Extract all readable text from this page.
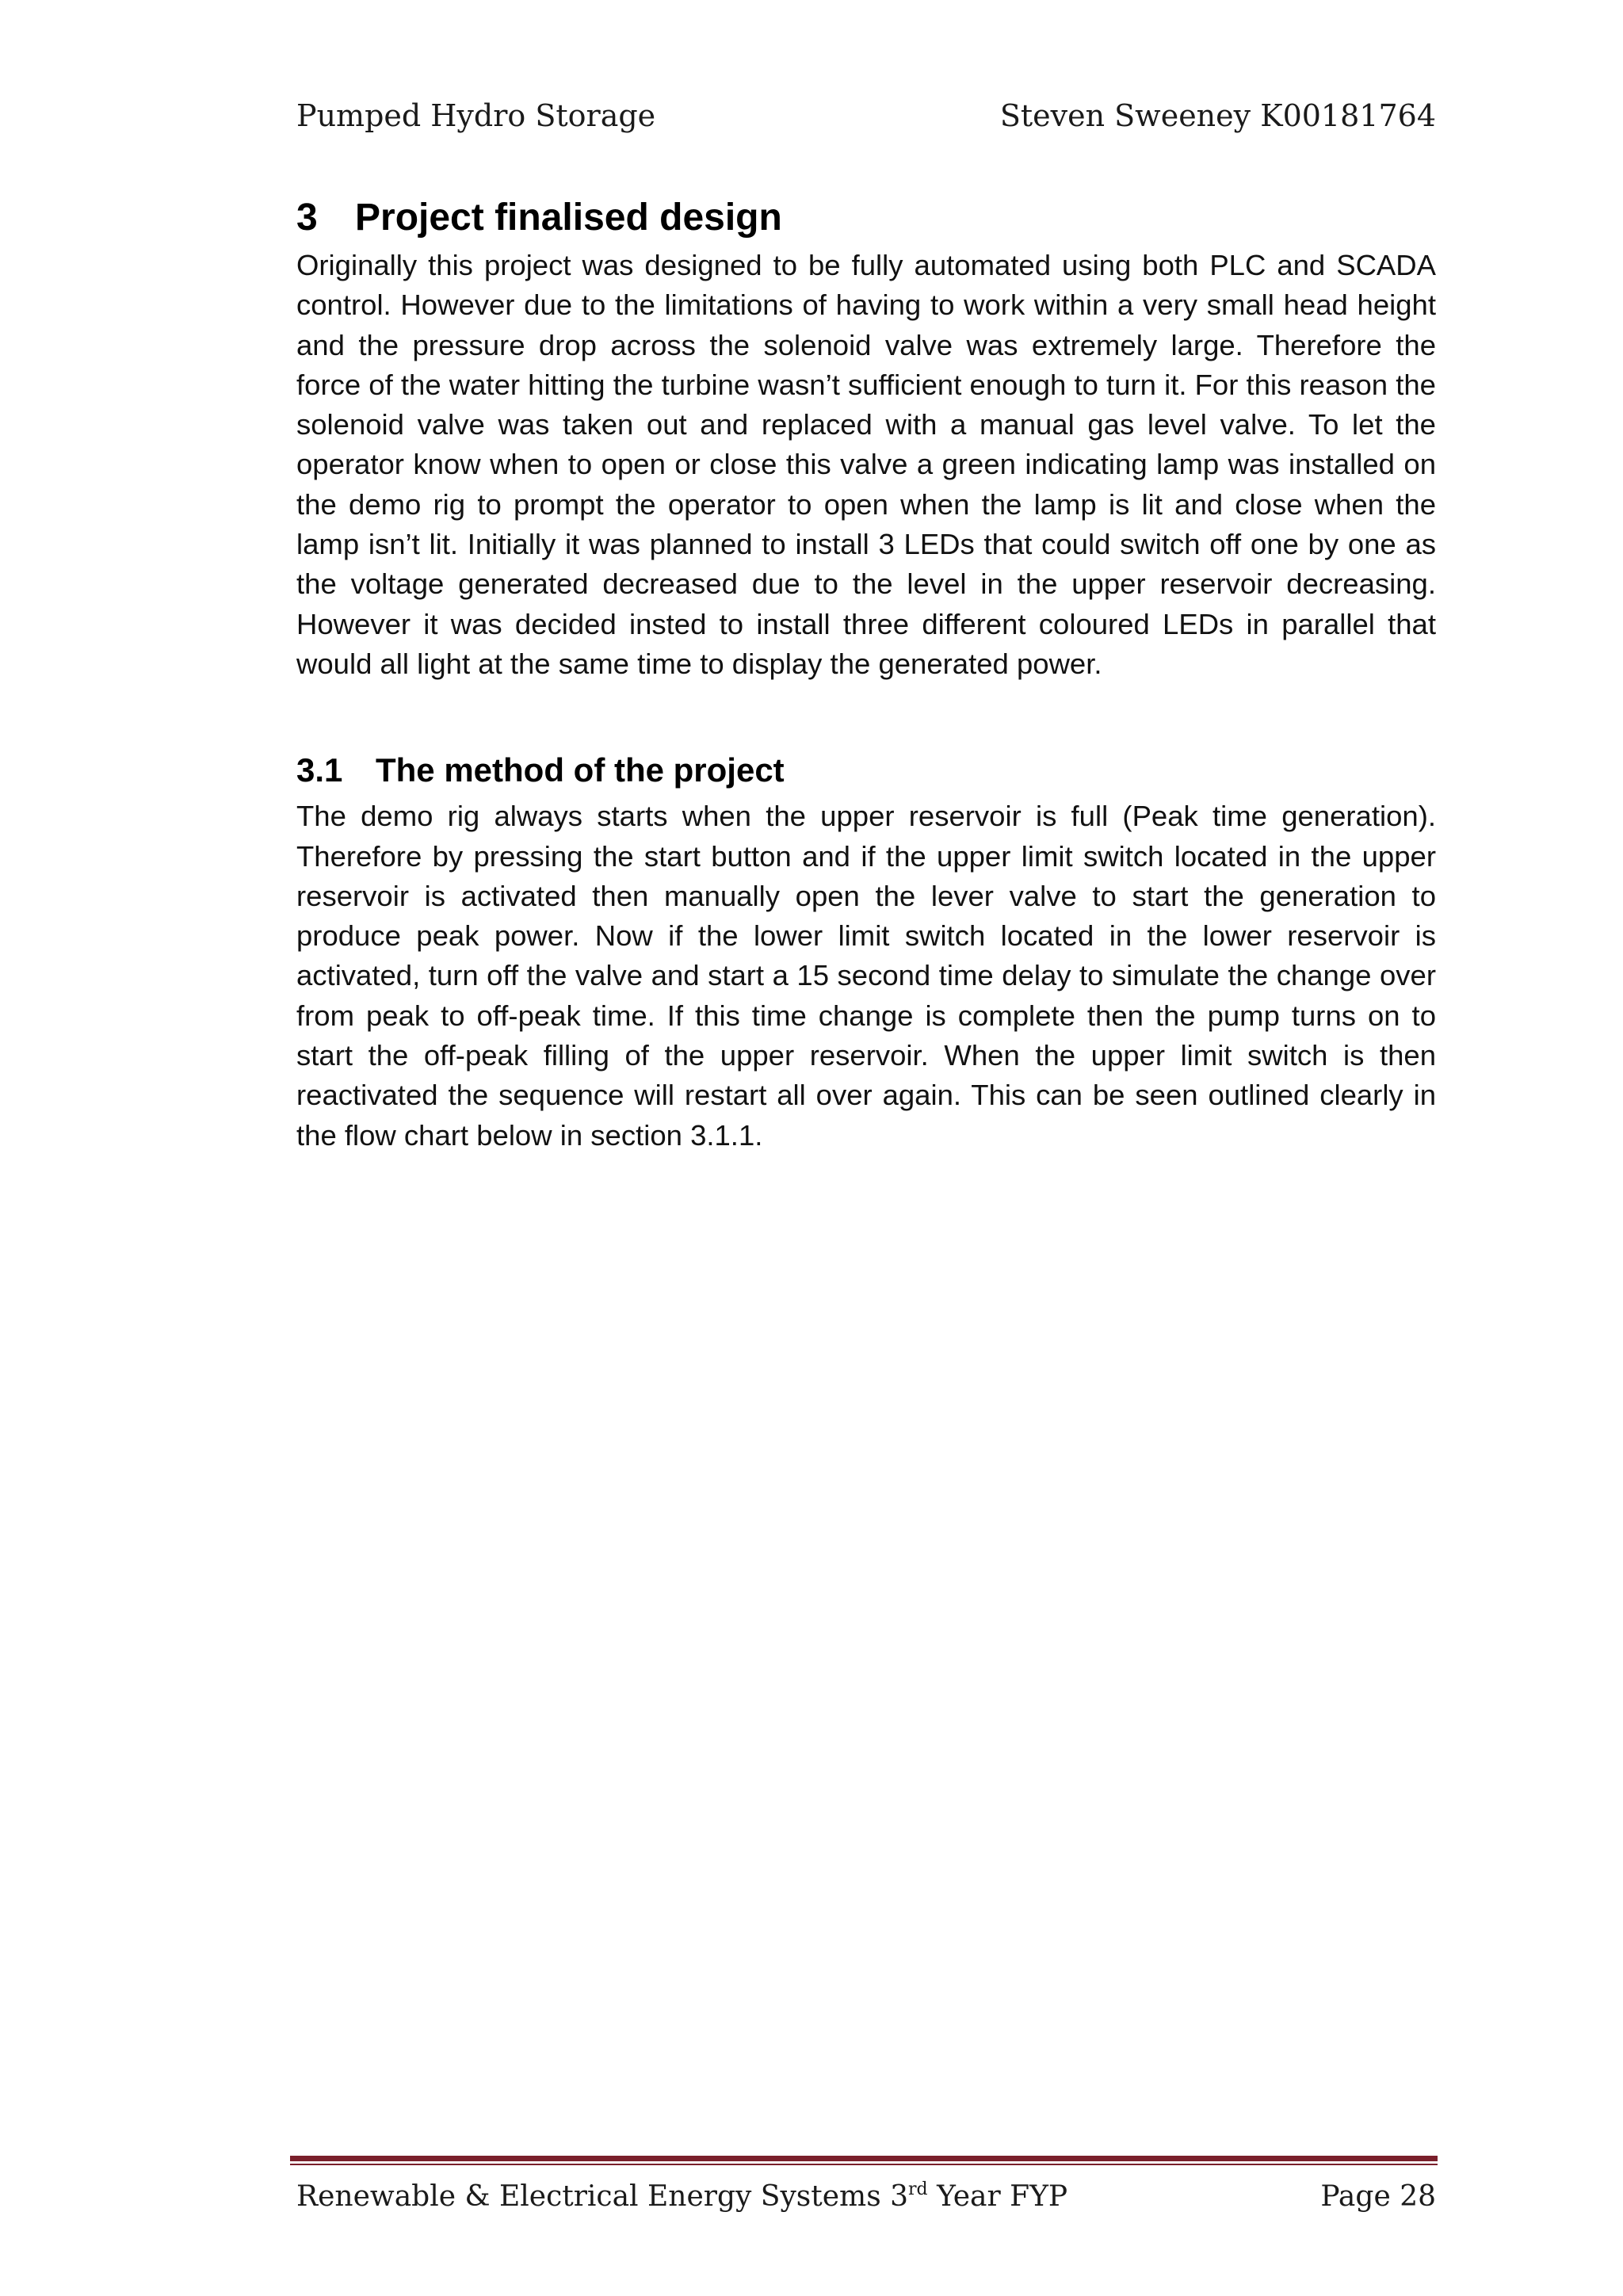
Pumped Hydro Storage	Steven Sweeney K00181764
3 Project finalised design

Originally this project was designed to be fully automated using both PLC and SCADA control. However due to the limitations of having to work within a very small head height and the pressure drop across the solenoid valve was extremely large. Therefore the force of the water hitting the turbine wasn’t sufficient enough to turn it. For this reason the solenoid valve was taken out and replaced with a manual gas level valve. To let the operator know when to open or close this valve a green indicating lamp was installed on the demo rig to prompt the operator to open when the lamp is lit and close when the lamp isn’t lit. Initially it was planned to install 3 LEDs that could switch off one by one as the voltage generated decreased due to the level in the upper reservoir decreasing. However it was decided insted to install three different coloured LEDs in parallel that would all light at the same time to display the generated power.

3.1 The method of the project

The demo rig always starts when the upper reservoir is full (Peak time generation). Therefore by pressing the start button and if the upper limit switch located in the upper reservoir is activated then manually open the lever valve to start the generation to produce peak power. Now if the lower limit switch located in the lower reservoir is activated, turn off the valve and start a 15 second time delay to simulate the change over from peak to off-peak time. If this time change is complete then the pump turns on to start the off-peak filling of the upper reservoir. When the upper limit switch is then reactivated the sequence will restart all over again. This can be seen outlined clearly in the flow chart below in section 3.1.1.

Renewable & Electrical Energy Systems 3rd Year FYP	Page 28
